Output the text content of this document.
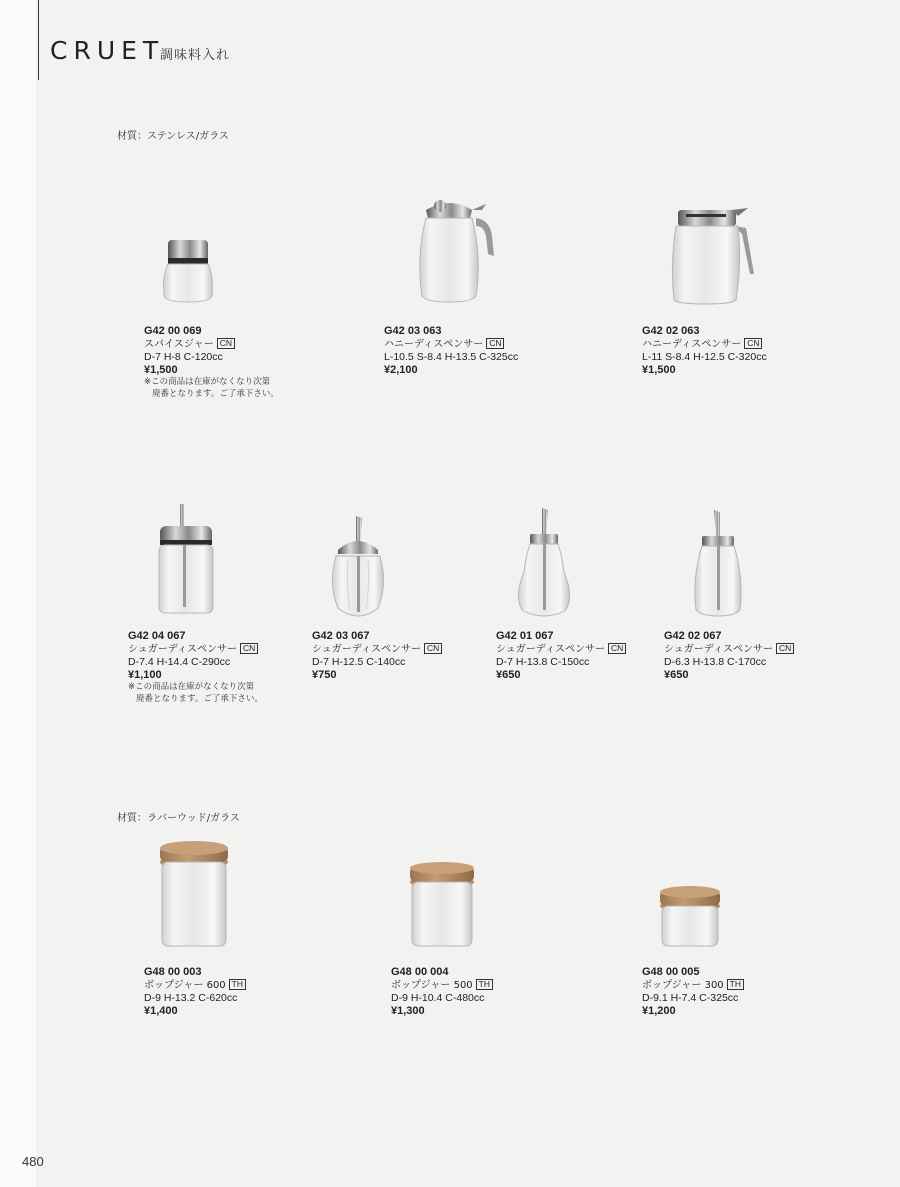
CRUET
調味料入れ
材質：ステンレス/ガラス
材質：ラバーウッド/ガラス
G42 00 069
スパイスジャー CN
D-7 H-8 C-120cc
¥1,500
※この商品は在庫がなくなり次第
廃番となります。ご了承下さい。
G42 03 063
ハニーディスペンサー CN
L-10.5 S-8.4 H-13.5 C-325cc
¥2,100
G42 02 063
ハニーディスペンサー CN
L-11 S-8.4 H-12.5 C-320cc
¥1,500
G42 04 067
シュガーディスペンサー CN
D-7.4 H-14.4 C-290cc
¥1,100
※この商品は在庫がなくなり次第
廃番となります。ご了承下さい。
G42 03 067
シュガーディスペンサー CN
D-7 H-12.5 C-140cc
¥750
G42 01 067
シュガーディスペンサー CN
D-7 H-13.8 C-150cc
¥650
G42 02 067
シュガーディスペンサー CN
D-6.3 H-13.8 C-170cc
¥650
G48 00 003
ボップジャー 600 TH
D-9 H-13.2 C-620cc
¥1,400
G48 00 004
ボップジャー 500 TH
D-9 H-10.4 C-480cc
¥1,300
G48 00 005
ボップジャー 300 TH
D-9.1 H-7.4 C-325cc
¥1,200
480
